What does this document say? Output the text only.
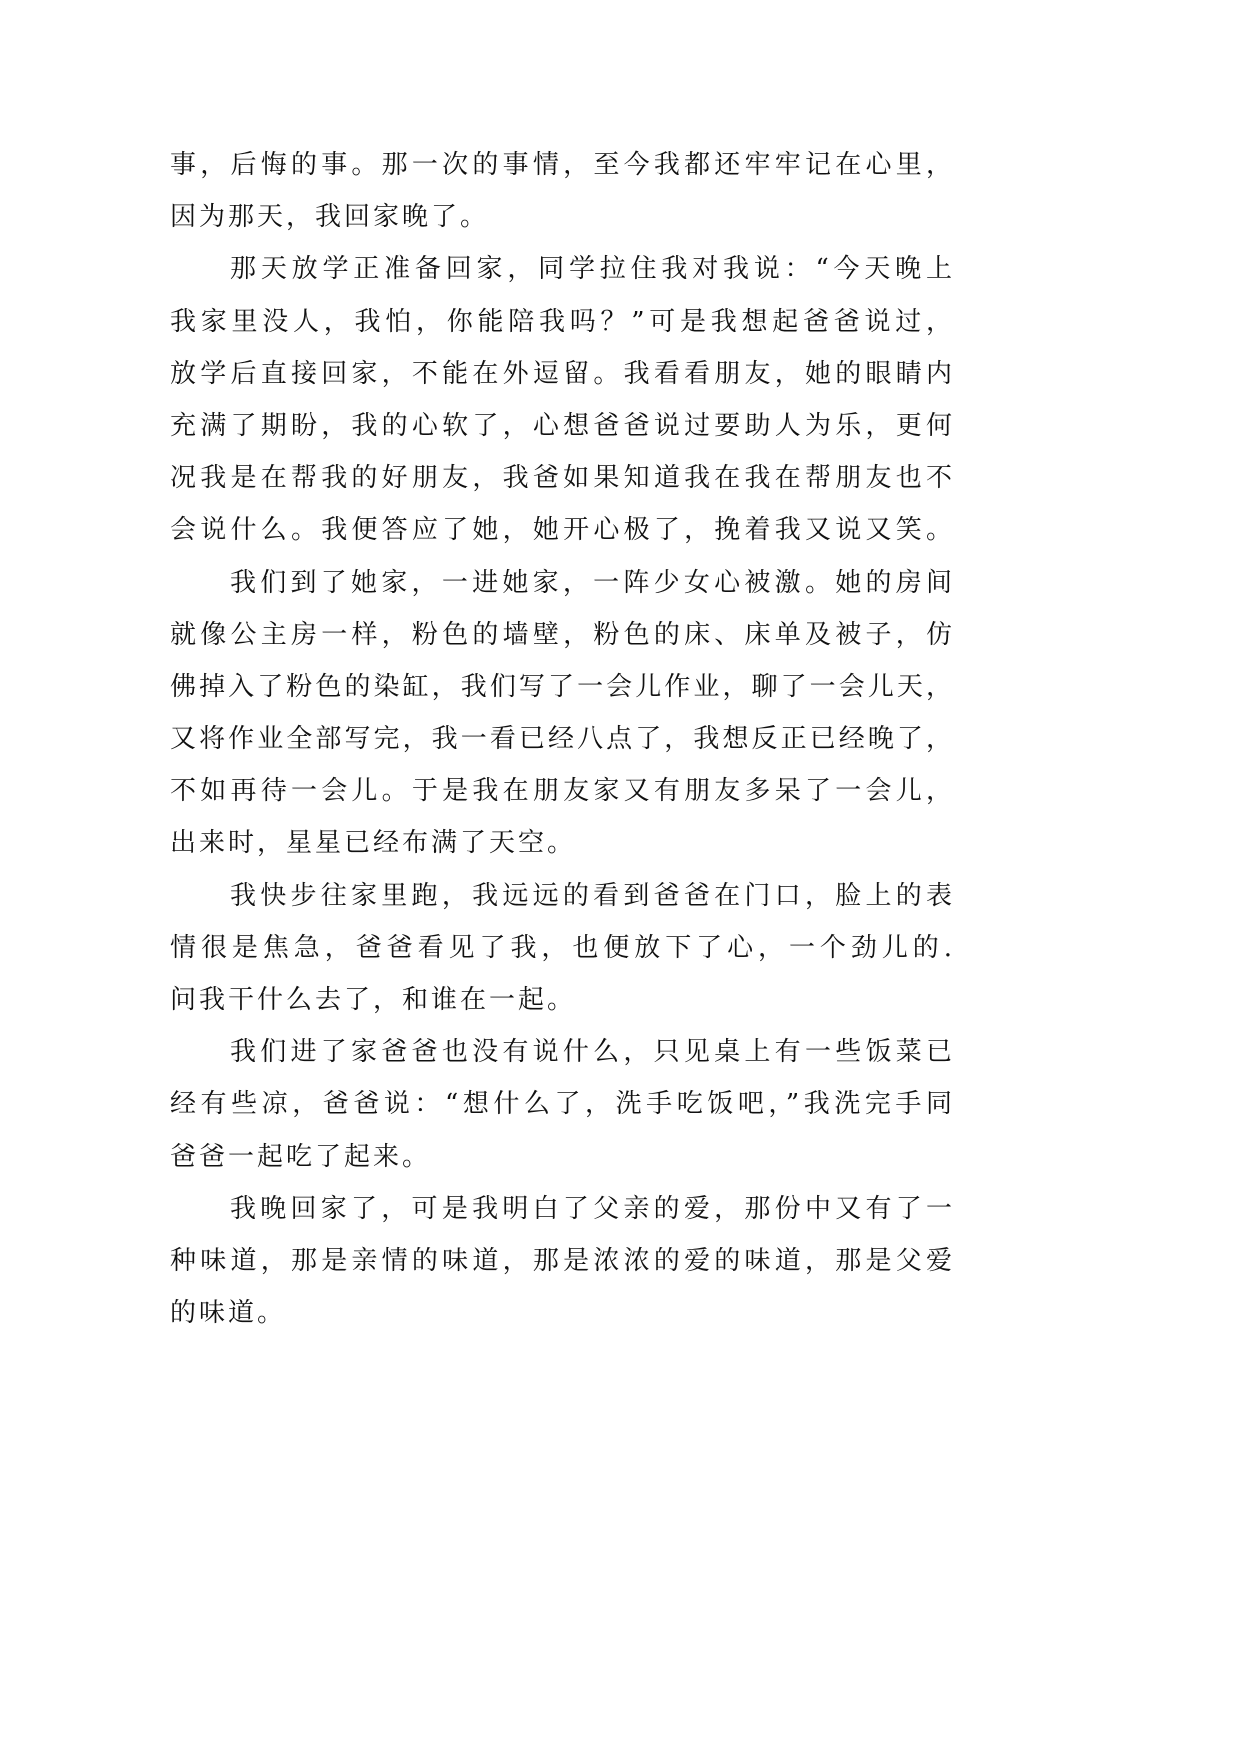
事，后悔的事。那一次的事情，至今我都还牢牢记在心里，
因为那天，我回家晚了。
那天放学正准备回家，同学拉住我对我说：“今天晚上
我家里没人，我怕，你能陪我吗？”可是我想起爸爸说过，
放学后直接回家，不能在外逗留。我看看朋友，她的眼睛内
充满了期盼，我的心软了，心想爸爸说过要助人为乐，更何
况我是在帮我的好朋友，我爸如果知道我在我在帮朋友也不
会说什么。我便答应了她，她开心极了，挽着我又说又笑。
我们到了她家，一进她家，一阵少女心被激。她的房间
就像公主房一样，粉色的墙壁，粉色的床、床单及被子，仿
佛掉入了粉色的染缸，我们写了一会儿作业，聊了一会儿天，
又将作业全部写完，我一看已经八点了，我想反正已经晚了，
不如再待一会儿。于是我在朋友家又有朋友多呆了一会儿，
出来时，星星已经布满了天空。
我快步往家里跑，我远远的看到爸爸在门口，脸上的表
情很是焦急，爸爸看见了我，也便放下了心，一个劲儿的.
问我干什么去了，和谁在一起。
我们进了家爸爸也没有说什么，只见桌上有一些饭菜已
经有些凉，爸爸说：“想什么了，洗手吃饭吧，”我洗完手同
爸爸一起吃了起来。
我晚回家了，可是我明白了父亲的爱，那份中又有了一
种味道，那是亲情的味道，那是浓浓的爱的味道，那是父爱
的味道。
